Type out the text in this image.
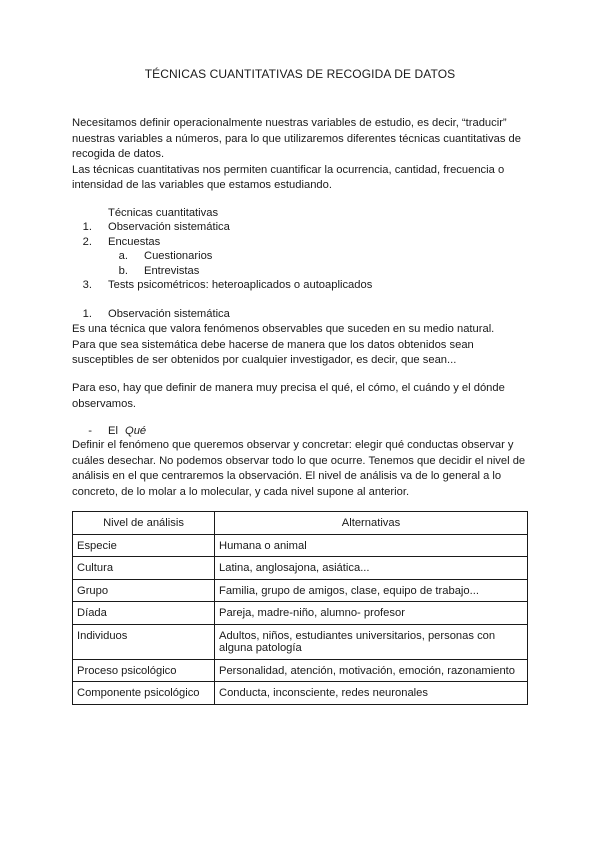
TÉCNICAS CUANTITATIVAS DE RECOGIDA DE DATOS

Necesitamos definir operacionalmente nuestras variables de estudio, es decir, “traducir”
nuestras variables a números, para lo que utilizaremos diferentes técnicas cuantitativas de
recogida de datos.
Las técnicas cuantitativas nos permiten cuantificar la ocurrencia, cantidad, frecuencia o
intensidad de las variables que estamos estudiando.

Técnicas cuantitativas
1. Observación sistemática
2. Encuestas
a. Cuestionarios
b. Entrevistas
3. Tests psicométricos: heteroaplicados o autoaplicados
1. Observación sistemática

Es una técnica que valora fenómenos observables que suceden en su medio natural.
Para que sea sistemática debe hacerse de manera que los datos obtenidos sean
susceptibles de ser obtenidos por cualquier investigador, es decir, que sean...

Para eso, hay que definir de manera muy precisa el qué, el cómo, el cuándo y el dónde
observamos.

- El Qué

Definir el fenómeno que queremos observar y concretar: elegir qué conductas observar y
cuáles desechar. No podemos observar todo lo que ocurre. Tenemos que decidir el nivel de
análisis en el que centraremos la observación. El nivel de análisis va de lo general a lo
concreto, de lo molar a lo molecular, y cada nivel supone al anterior.

Nivel de análisis	Alternativas
Especie	Humana o animal
Cultura	Latina, anglosajona, asiática...
Grupo	Familia, grupo de amigos, clase, equipo de trabajo...
Díada	Pareja, madre-niño, alumno- profesor
Individuos	Adultos, niños, estudiantes universitarios, personas con alguna patología
Proceso psicológico	Personalidad, atención, motivación, emoción, razonamiento
Componente psicológico	Conducta, inconsciente, redes neuronales
